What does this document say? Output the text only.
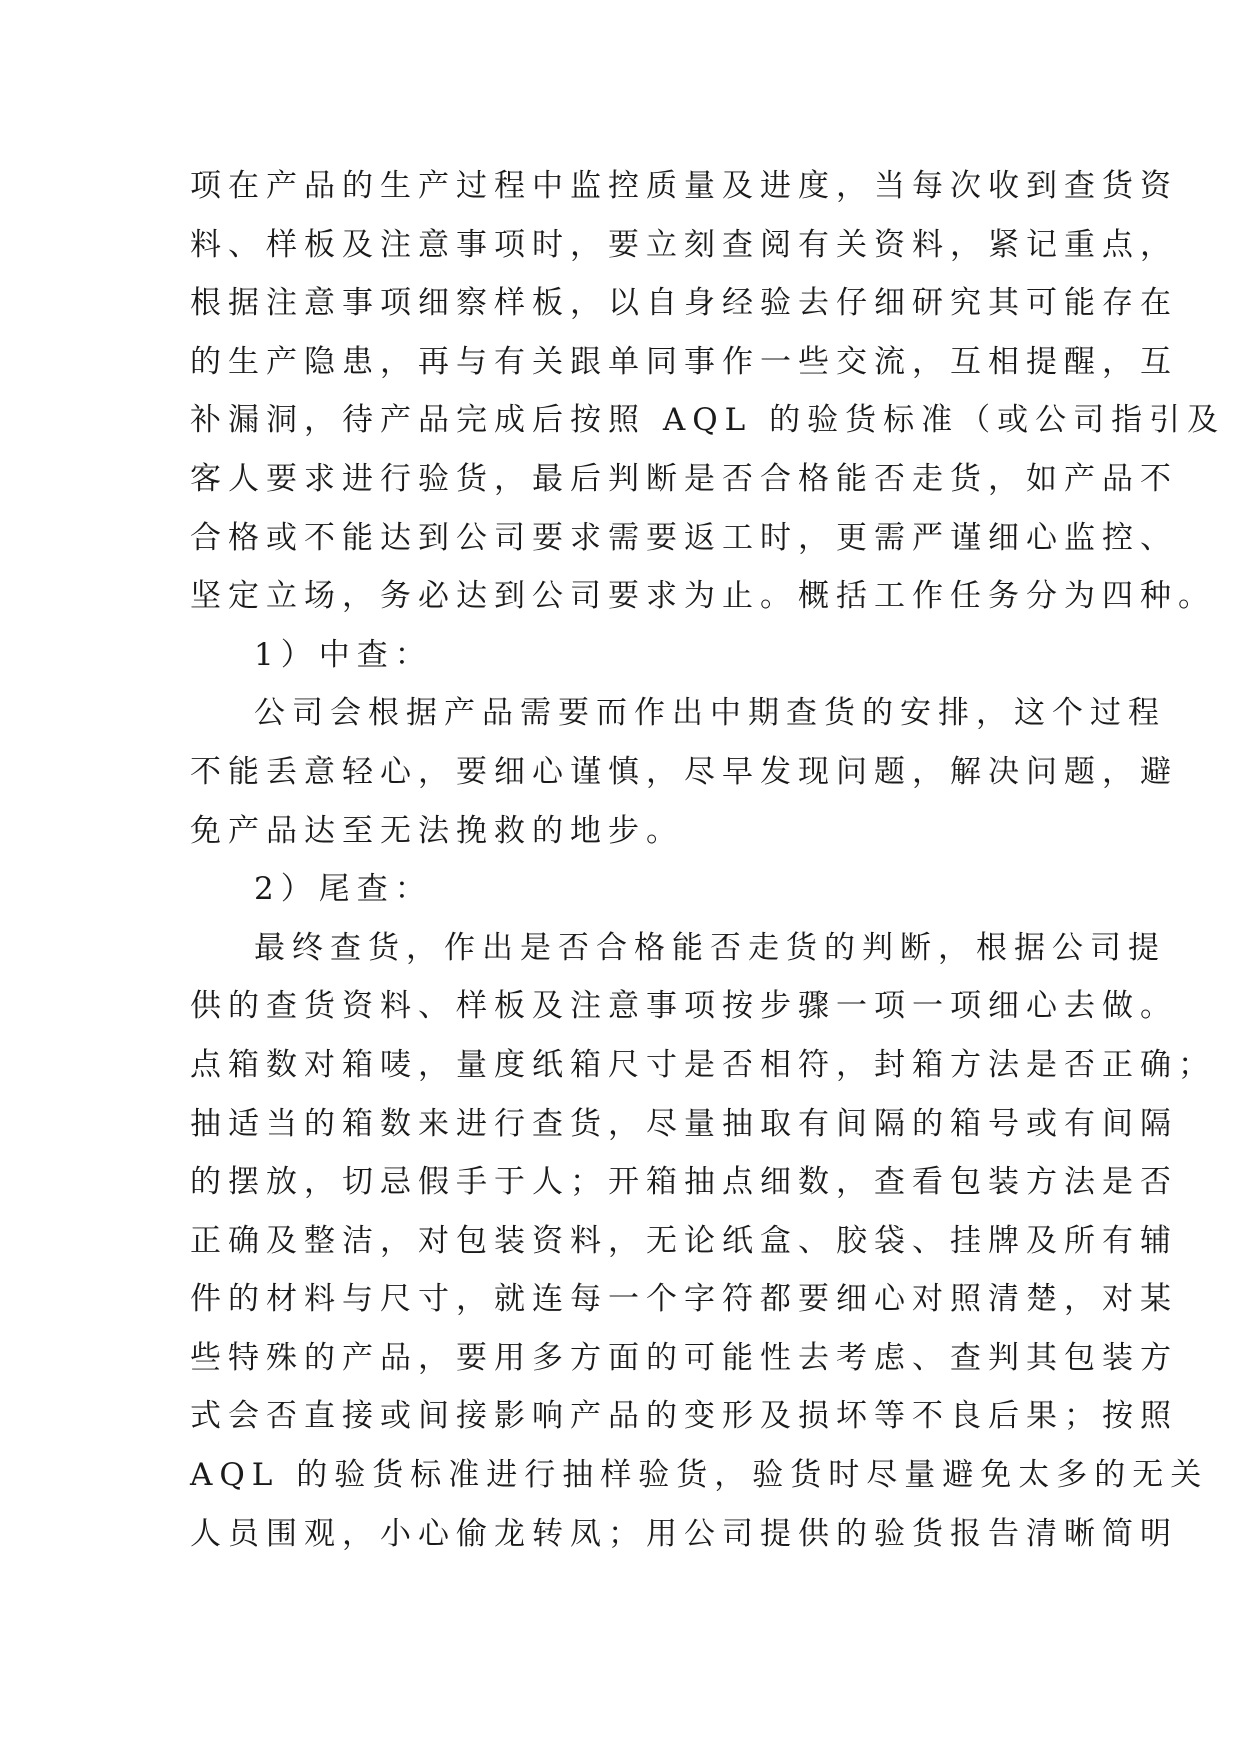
项在产品的生产过程中监控质量及进度，当每次收到查货资
料、样板及注意事项时，要立刻查阅有关资料，紧记重点，
根据注意事项细察样板，以自身经验去仔细研究其可能存在
的生产隐患，再与有关跟单同事作一些交流，互相提醒，互
补漏洞，待产品完成后按照 AQL 的验货标准（或公司指引及
客人要求进行验货，最后判断是否合格能否走货，如产品不
合格或不能达到公司要求需要返工时，更需严谨细心监控、
坚定立场，务必达到公司要求为止。概括工作任务分为四种。
1）中查：
公司会根据产品需要而作出中期查货的安排，这个过程
不能丢意轻心，要细心谨慎，尽早发现问题，解决问题，避
免产品达至无法挽救的地步。
2）尾查：
最终查货，作出是否合格能否走货的判断，根据公司提
供的查货资料、样板及注意事项按步骤一项一项细心去做。
点箱数对箱唛，量度纸箱尺寸是否相符，封箱方法是否正确；
抽适当的箱数来进行查货，尽量抽取有间隔的箱号或有间隔
的摆放，切忌假手于人；开箱抽点细数，查看包装方法是否
正确及整洁，对包装资料，无论纸盒、胶袋、挂牌及所有辅
件的材料与尺寸，就连每一个字符都要细心对照清楚，对某
些特殊的产品，要用多方面的可能性去考虑、查判其包装方
式会否直接或间接影响产品的变形及损坏等不良后果；按照
AQL 的验货标准进行抽样验货，验货时尽量避免太多的无关
人员围观，小心偷龙转凤；用公司提供的验货报告清晰简明
